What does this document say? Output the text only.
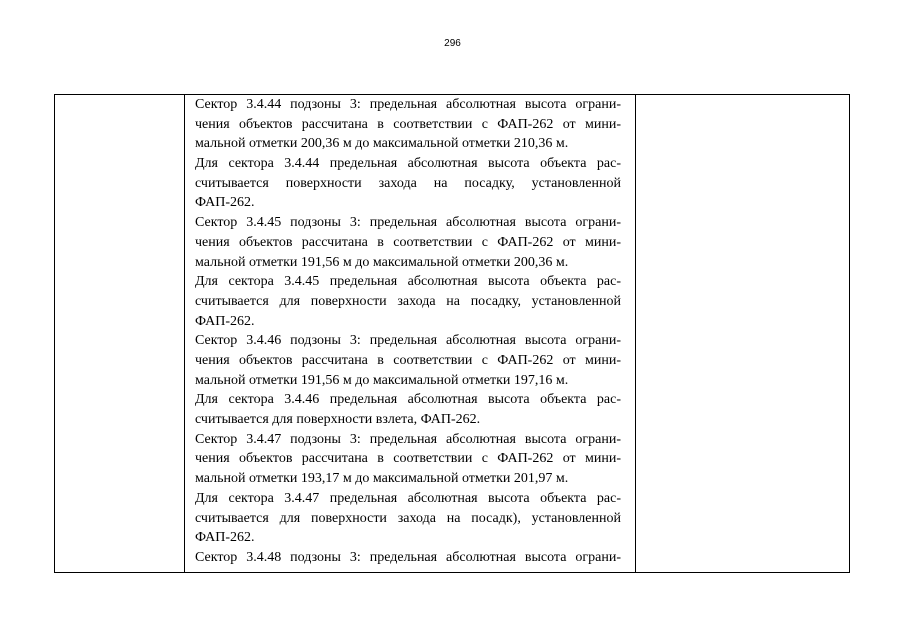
296
Сектор 3.4.44 подзоны 3: предельная абсолютная высота ограни-
чения объектов рассчитана в соответствии с ФАП-262 от мини-
мальной отметки 200,36 м до максимальной отметки 210,36 м.
Для сектора 3.4.44 предельная абсолютная высота объекта рас-
считывается поверхности захода на посадку, установленной
ФАП-262.
Сектор 3.4.45 подзоны 3: предельная абсолютная высота ограни-
чения объектов рассчитана в соответствии с ФАП-262 от мини-
мальной отметки 191,56 м до максимальной отметки 200,36 м.
Для сектора 3.4.45 предельная абсолютная высота объекта рас-
считывается для поверхности захода на посадку, установленной
ФАП-262.
Сектор 3.4.46 подзоны 3: предельная абсолютная высота ограни-
чения объектов рассчитана в соответствии с ФАП-262 от мини-
мальной отметки 191,56 м до максимальной отметки 197,16 м.
Для сектора 3.4.46 предельная абсолютная высота объекта рас-
считывается для поверхности взлета, ФАП-262.
Сектор 3.4.47 подзоны 3: предельная абсолютная высота ограни-
чения объектов рассчитана в соответствии с ФАП-262 от мини-
мальной отметки 193,17 м до максимальной отметки 201,97 м.
Для сектора 3.4.47 предельная абсолютная высота объекта рас-
считывается для поверхности захода на посадк), установленной
ФАП-262.
Сектор 3.4.48 подзоны 3: предельная абсолютная высота ограни-
